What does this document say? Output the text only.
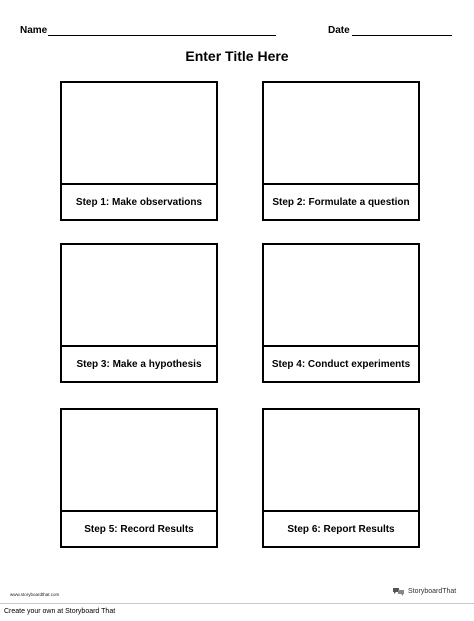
Name	Date
Enter Title Here
Step 1: Make observations	Step 2: Formulate a question
Step 3: Make a hypothesis	Step 4: Conduct experiments
Step 5: Record Results	Step 6: Report Results
www.storyboardthat.com	StoryboardThat
Create your own at Storyboard That
